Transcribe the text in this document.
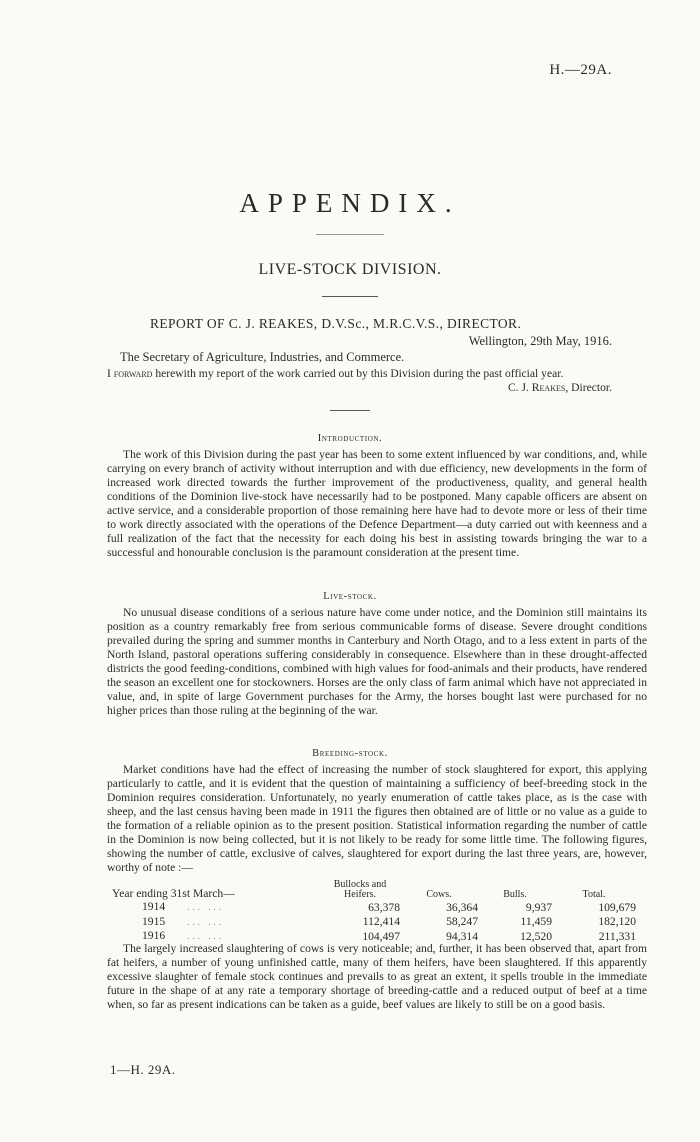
H.—29A.
APPENDIX.
LIVE-STOCK DIVISION.
REPORT OF C. J. REAKES, D.V.Sc., M.R.C.V.S., DIRECTOR.
Wellington, 29th May, 1916.
The Secretary of Agriculture, Industries, and Commerce.
I forward herewith my report of the work carried out by this Division during the past official year.
C. J. Reakes, Director.
Introduction.

The work of this Division during the past year has been to some extent influenced by war conditions, and, while carrying on every branch of activity without interruption and with due efficiency, new developments in the form of increased work directed towards the further improvement of the productiveness, quality, and general health conditions of the Dominion live-stock have necessarily had to be postponed. Many capable officers are absent on active service, and a considerable proportion of those remaining here have had to devote more or less of their time to work directly associated with the operations of the Defence Department—a duty carried out with keenness and a full realization of the fact that the necessity for each doing his best in assisting towards bringing the war to a successful and honourable conclusion is the paramount consideration at the present time.

Live-stock.

No unusual disease conditions of a serious nature have come under notice, and the Dominion still maintains its position as a country remarkably free from serious communicable forms of disease. Severe drought conditions prevailed during the spring and summer months in Canterbury and North Otago, and to a less extent in parts of the North Island, pastoral operations suffering considerably in consequence. Elsewhere than in these drought-affected districts the good feeding-conditions, combined with high values for food-animals and their products, have rendered the season an excellent one for stockowners. Horses are the only class of farm animal which have not appreciated in value, and, in spite of large Government purchases for the Army, the horses bought last were purchased for no higher prices than those ruling at the beginning of the war.

Breeding-stock.

Market conditions have had the effect of increasing the number of stock slaughtered for export, this applying particularly to cattle, and it is evident that the question of maintaining a sufficiency of beef-breeding stock in the Dominion requires consideration. Unfortunately, no yearly enumeration of cattle takes place, as is the case with sheep, and the last census having been made in 1911 the figures then obtained are of little or no value as a guide to the formation of a reliable opinion as to the present position. Statistical information regarding the number of cattle in the Dominion is now being collected, but it is not likely to be ready for some little time. The following figures, showing the number of cattle, exclusive of calves, slaughtered for export during the last three years, are, however, worthy of note :—

Year ending 31st March—	Bullocks and Heifers.	Cows.	Bulls.	Total.
1914 ... ...	63,378	36,364	9,937	109,679
1915 ... ...	112,414	58,247	11,459	182,120
1916 ... ...	104,497	94,314	12,520	211,331

The largely increased slaughtering of cows is very noticeable; and, further, it has been observed that, apart from fat heifers, a number of young unfinished cattle, many of them heifers, have been slaughtered. If this apparently excessive slaughter of female stock continues and prevails to as great an extent, it spells trouble in the immediate future in the shape of at any rate a temporary shortage of breeding-cattle and a reduced output of beef at a time when, so far as present indications can be taken as a guide, beef values are likely to still be on a good basis.

1—H. 29A.
